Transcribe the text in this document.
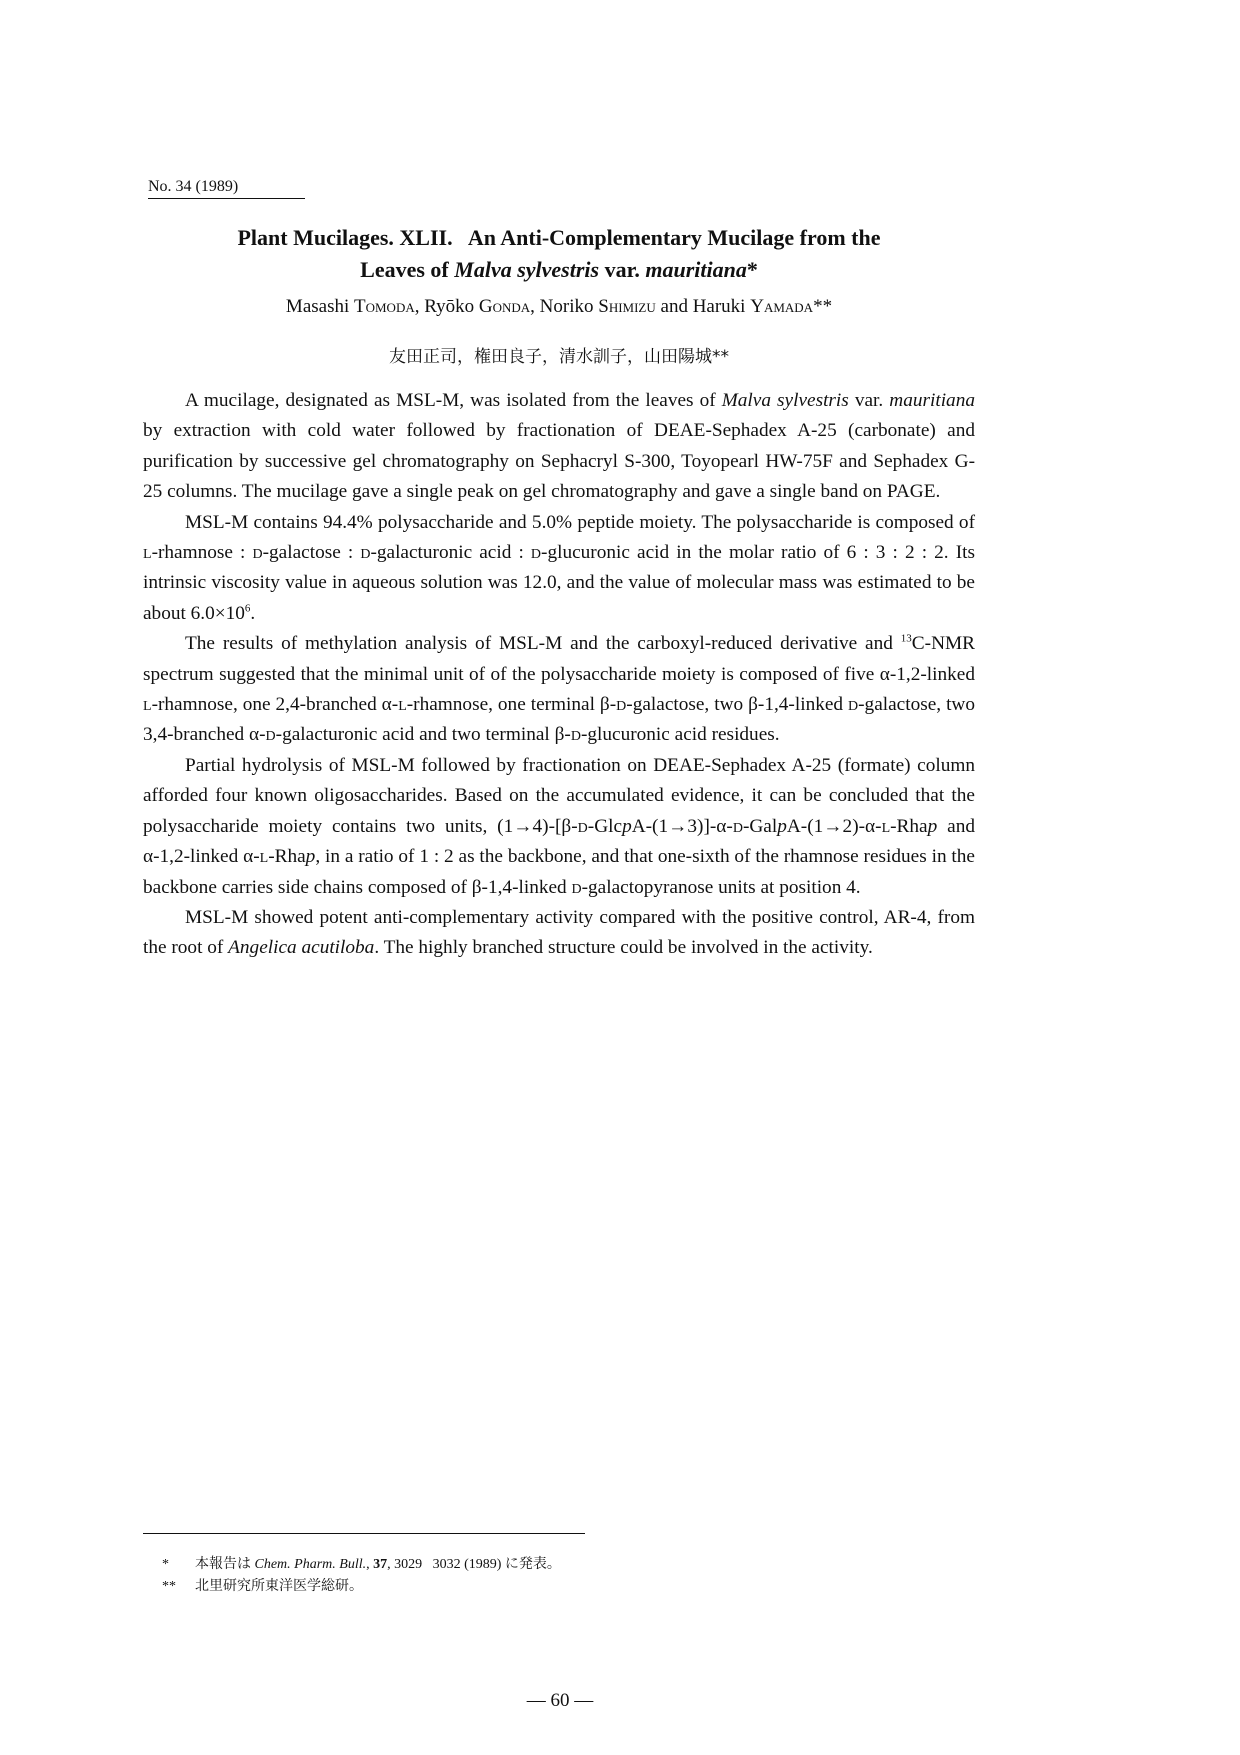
No. 34 (1989)
Plant Mucilages. XLII.   An Anti-Complementary Mucilage from the
Leaves of Malva sylvestris var. mauritiana*
Masashi Tomoda, Ryōko Gonda, Noriko Shimizu and Haruki Yamada**
友田正司，権田良子，清水訓子，山田陽城**

A mucilage, designated as MSL-M, was isolated from the leaves of Malva sylvestris var. mauritiana by extraction with cold water followed by fractionation of DEAE-Sephadex A-25 (carbonate) and purification by successive gel chromatography on Sephacryl S-300, Toyopearl HW-75F and Sephadex G-25 columns. The mucilage gave a single peak on gel chromatography and gave a single band on PAGE.

MSL-M contains 94.4% polysaccharide and 5.0% peptide moiety. The polysaccharide is composed of l-rhamnose : d-galactose : d-galacturonic acid : d-glucuronic acid in the molar ratio of 6 : 3 : 2 : 2. Its intrinsic viscosity value in aqueous solution was 12.0, and the value of molecular mass was estimated to be about $6.0\times 10^6$.

The results of methylation analysis of MSL-M and the carboxyl-reduced derivative and $^{13}$C-NMR spectrum suggested that the minimal unit of of the polysaccharide moiety is composed of five α-1,2-linked l-rhamnose, one 2,4-branched α-l-rhamnose, one terminal β-d-galactose, two β-1,4-linked d-galactose, two 3,4-branched α-d-galacturonic acid and two terminal β-d-glucuronic acid residues.

Partial hydrolysis of MSL-M followed by fractionation on DEAE-Sephadex A-25 (formate) column afforded four known oligosaccharides. Based on the accumulated evidence, it can be concluded that the polysaccharide moiety contains two units, (1→4)-[β-d-GlcpA-(1→3)]-α-d-GalpA-(1→2)-α-l-Rhap and α-1,2-linked α-l-Rhap, in a ratio of 1 : 2 as the backbone, and that one-sixth of the rhamnose residues in the backbone carries side chains composed of β-1,4-linked d-galactopyranose units at position 4.

MSL-M showed potent anti-complementary activity compared with the positive control, AR-4, from the root of Angelica acutiloba. The highly branched structure could be involved in the activity.

*	本報告は Chem. Pharm. Bull., 37, 3029   3032 (1989) に発表。
**	北里研究所東洋医学総研。
— 60 —
